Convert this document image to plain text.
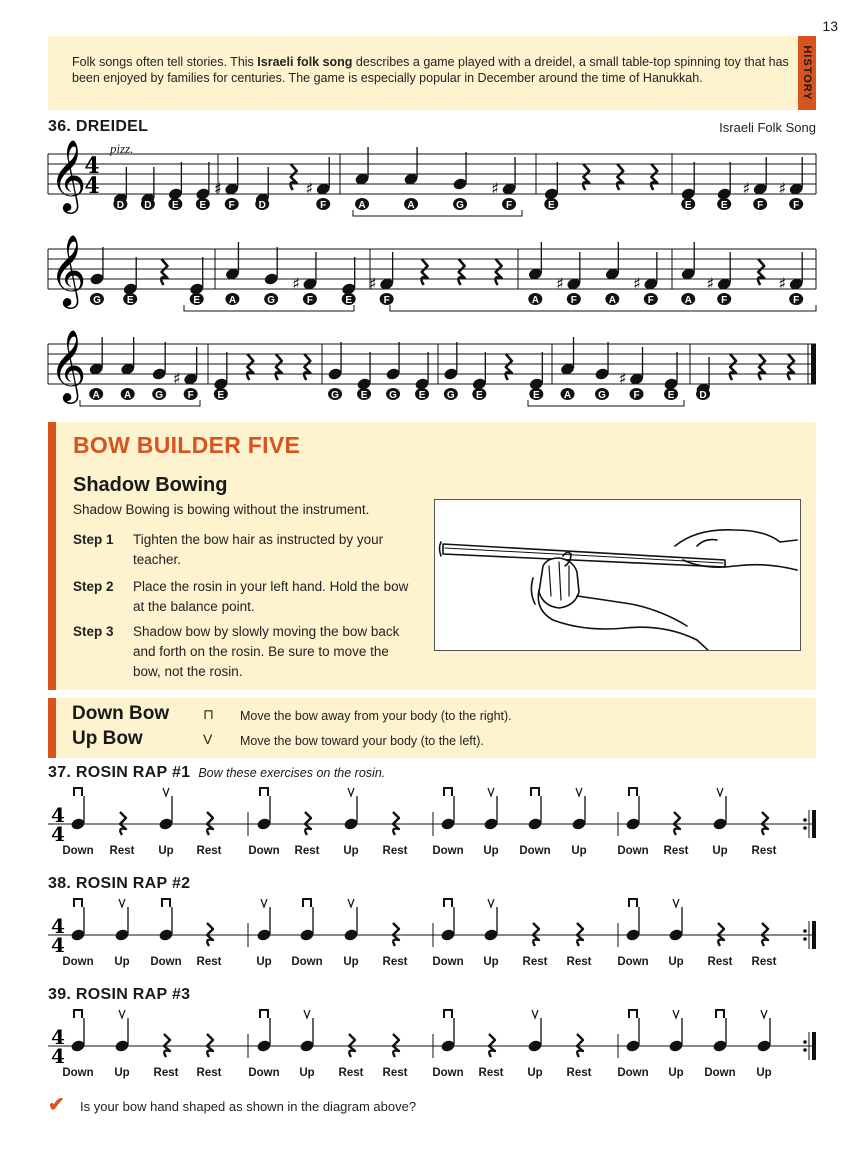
13
Folk songs often tell stories. This Israeli folk song describes a game played with a dreidel, a small table-top spinning toy that has been enjoyed by families for centuries. The game is especially popular in December around the time of Hanukkah.	HISTORY
36. DREIDEL	Israeli Folk Song
pizz.
𝄞
4
4
D D E E
♯
F D
♯
F	A	A	G
♯
F	E	E	E
♯
F
♯
F
𝄞 G	E	E	A	G
♯
F	E
♯
F	A
♯
F	A
♯
F	A
♯
F
♯
F
𝄞 A A G
♯
F E	G E G E G E	E A	G
♯
F	E	D
BOW BUILDER FIVE
Shadow Bowing
Shadow Bowing is bowing without the instrument.
Step 1	Tighten the bow hair as instructed by your teacher.
Step 2	Place the rosin in your left hand. Hold the bow at the balance point.
Step 3	Shadow bow by slowly moving the bow back and forth on the rosin. Be sure to move the bow, not the rosin.
Down Bow ⊓ Move the bow away from your body (to the right).
Up Bow	V Move the bow toward your body (to the left).
37. ROSIN RAP #1 Bow these exercises on the rosin.
4
4
Down Rest Up Rest Down Rest Up Rest Down Up Down Up	Down Rest Up Rest
38. ROSIN RAP #2
4
4
Down Up Down Rest	Up Down Up Rest Down Up Rest Rest Down Up Rest Rest
39. ROSIN RAP #3
4
4
Down Up Rest Rest Down Up Rest Rest Down Rest Up Rest Down Up Down Up
✔ Is your bow hand shaped as shown in the diagram above?
